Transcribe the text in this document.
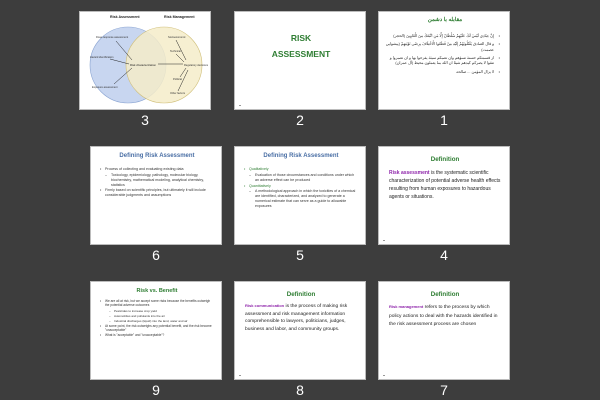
Risk Assessment	Risk Management
Dose-response assessment
Hazard identification
Risk characterization
Exposure assessment
Socioeconomic
Technical
Regulatory decisions
Political
Other factors
3
RISK
ASSESSMENT
2
مقابله با دشمن
• إِنَّ عِبَادِي لَيْسَ لَكَ عَلَيْهِمْ سُلْطَانٌ إِلَّا مَنِ اتَّبَعَكَ مِنَ الْغَاوِينَ (الحجر)
• و قال الصادق يَقْتُلُونَهُمْ إِلَيْهِ مِنْ قَطَعُوا الْاخْتِلَافَ بِرِضًى تَوْبَتِهِمْ (پيشوايي عصمت)
• از قسمتكم حسنة تسؤهم وان تصبكم سيئة يفرحوا بها و ان تصبروا و تتقوا لا يضركم كيدهم شيئا ان الله بما يعملون محيط (آل عمران)
• لا يزال المؤمن ... صالحه
1
Defining Risk Assessment
• Process of collecting and evaluating existing data
– Toxicology, epidemiology, pathology, molecular biology, biochemistry, mathematical modeling, analytical chemistry, statistics
• Firmly based on scientific principles, but ultimately it will include considerable judgments and assumptions
6
Defining Risk Assessment
• Qualitatively
– Evaluation of those circumstances and conditions under which an adverse effect can be produced
• Quantitatively
– A methodological approach in which the toxicities of a chemical are identified, characterized, and analyzed to generate a numerical estimate that can serve as a guide to allowable exposures
5
Definition
Risk assessment is the systematic scientific characterization of potential adverse health effects resulting from human exposures to hazardous agents or situations.
4
Risk vs. Benefit
• We are all at risk, but we accept some risks because the benefits outweigh the potential adverse outcomes
– Pesticides to increase crop yield
– Automobiles and pollutants into the air
– Industrial discharges (liquid) into the land, water and air
• At some point, the risk outweighs any potential benefit, and the risk become "unacceptable"
• What is "acceptable" and "unacceptable"?
9
Definition
Risk communication is the process of making risk assessment and risk management information comprehensible to lawyers, politicians, judges, business and labor, and community groups.
8
Definition
Risk management refers to the process by which policy actions to deal with the hazards identified in the risk assessment process are chosen
7
